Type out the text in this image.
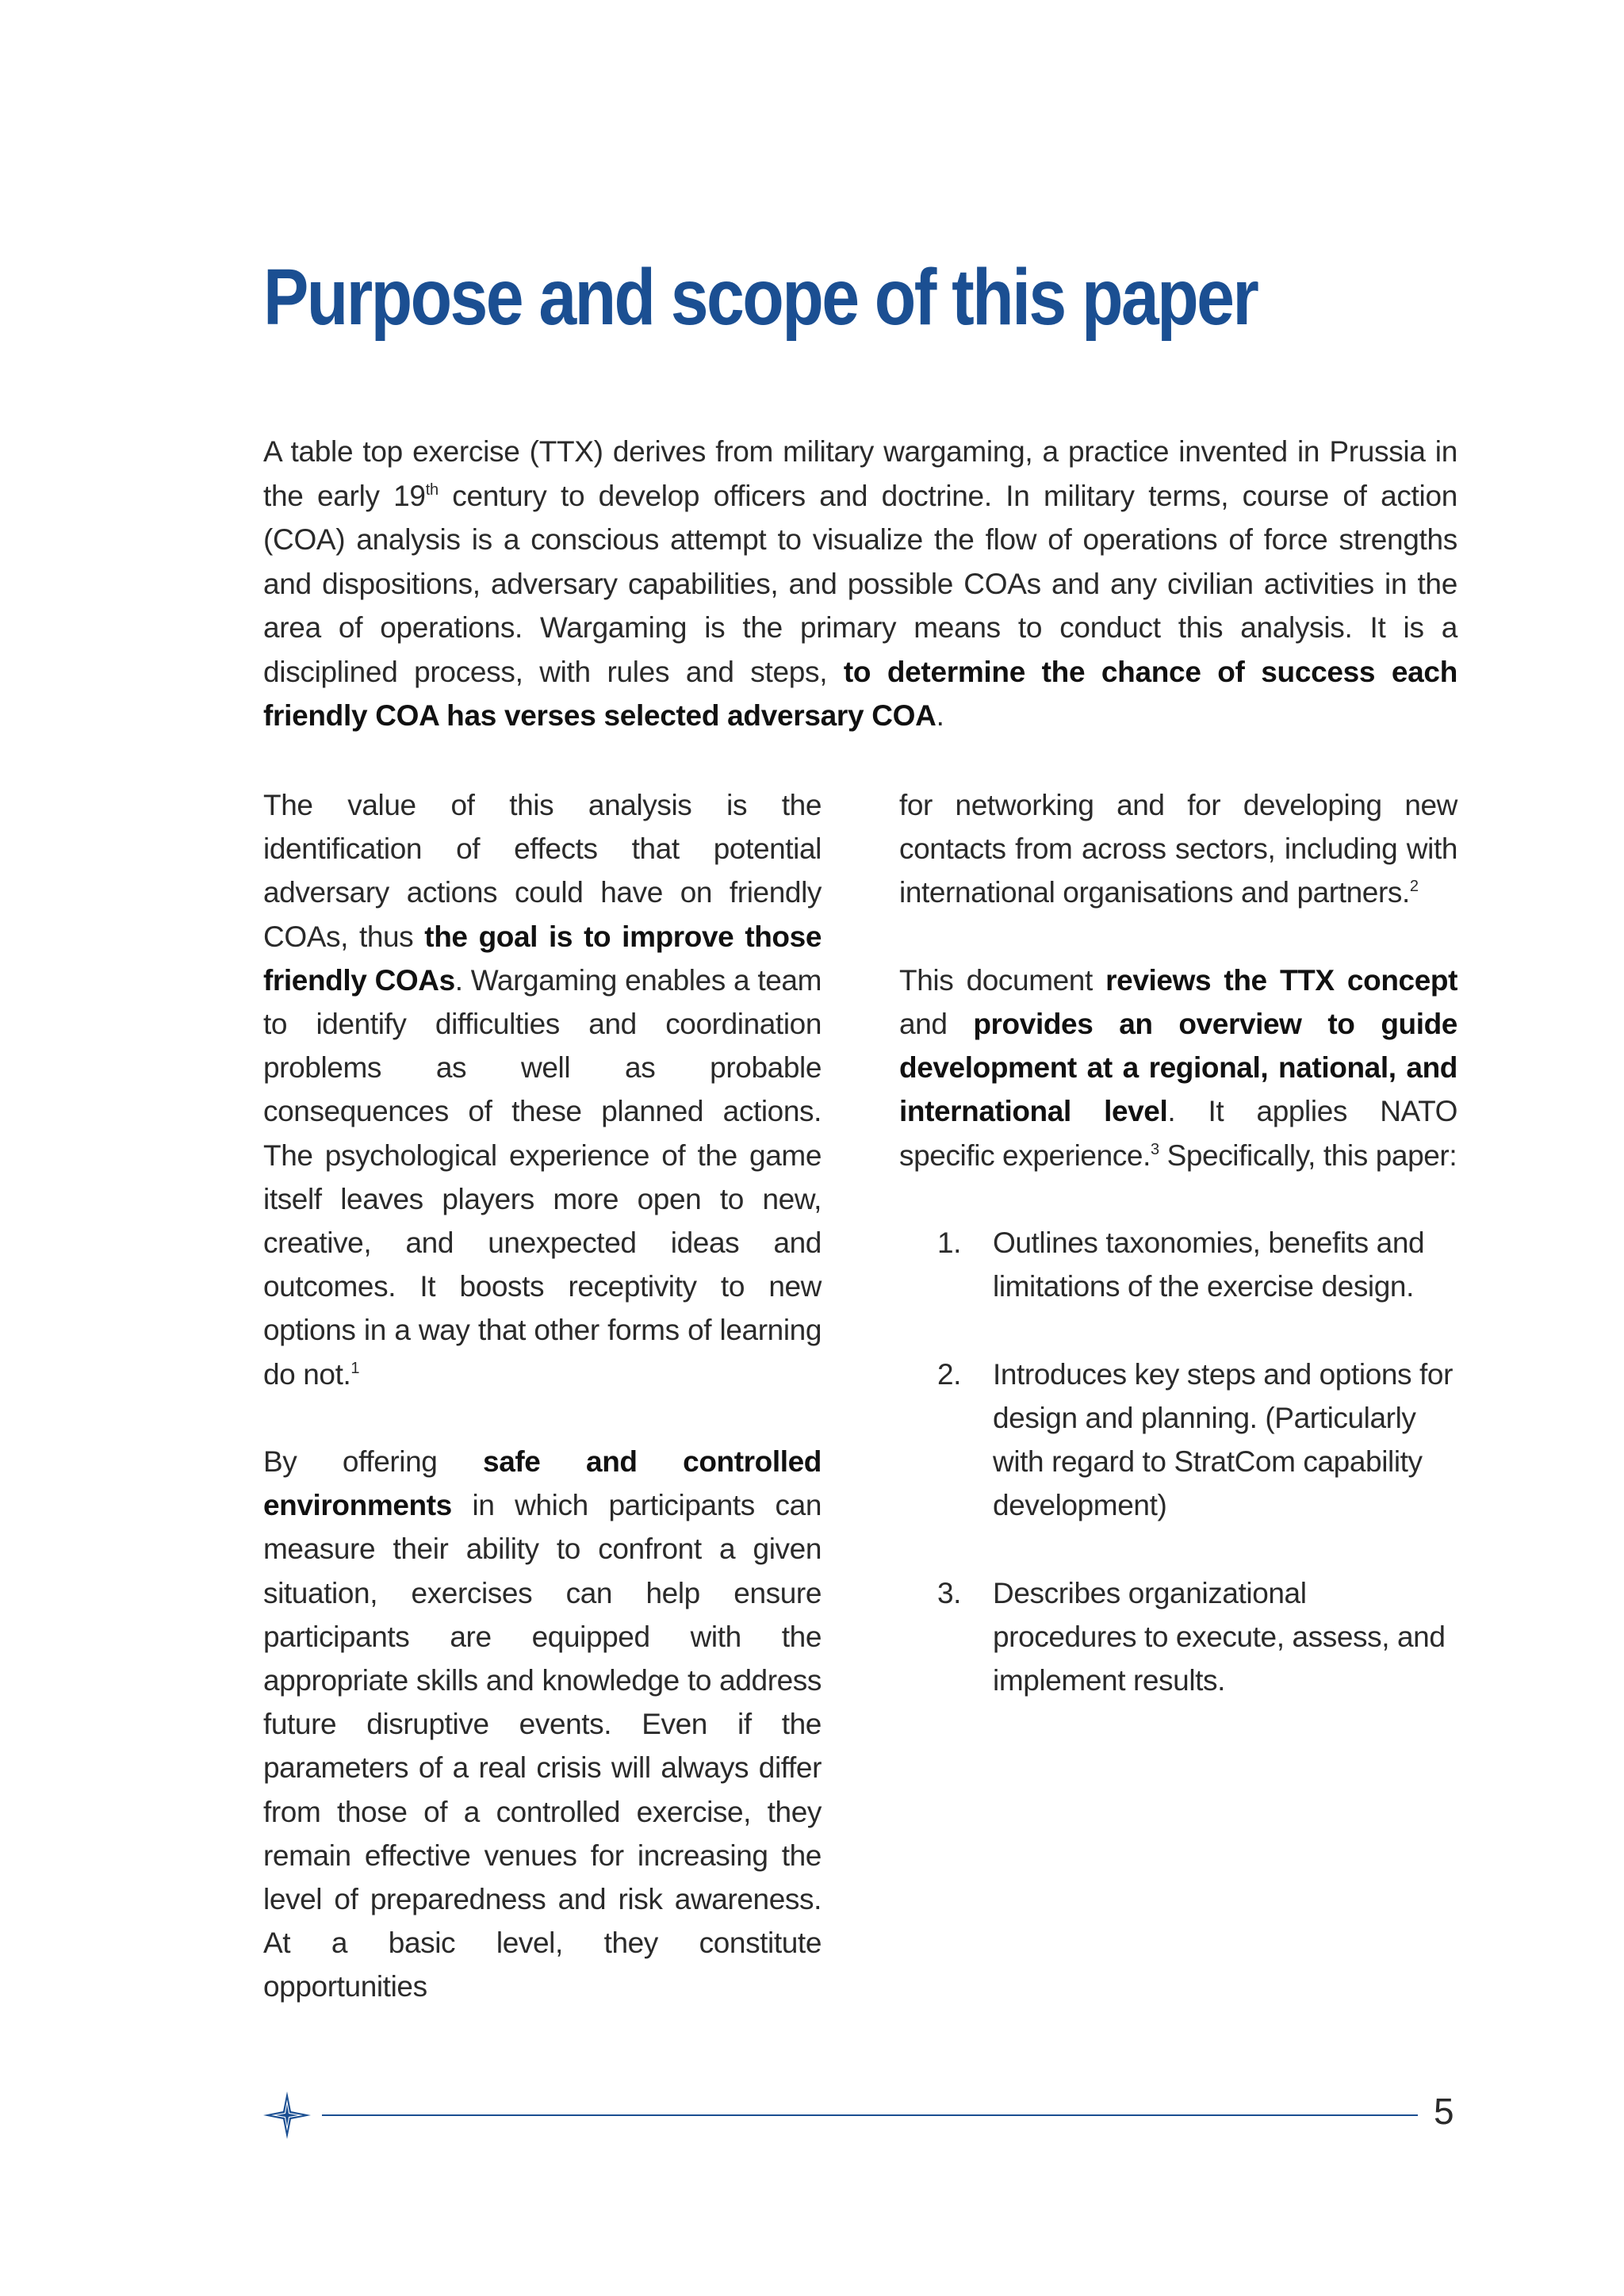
Purpose and scope of this paper

A table top exercise (TTX) derives from military wargaming, a practice invented in Prussia in the early 19th century to develop officers and doctrine. In military terms, course of action (COA) analysis is a conscious attempt to visualize the flow of operations of force strengths and dispositions, adversary capabilities, and possible COAs and any civilian activities in the area of operations. Wargaming is the primary means to conduct this analysis. It is a disciplined process, with rules and steps, to determine the chance of success each friendly COA has verses selected adversary COA.

The value of this analysis is the identification of effects that potential adversary actions could have on friendly COAs, thus the goal is to improve those friendly COAs. Wargaming enables a team to identify difficulties and coordination problems as well as probable consequences of these planned actions. The psychological experience of the game itself leaves players more open to new, creative, and unexpected ideas and outcomes. It boosts receptivity to new options in a way that other forms of learning do not.$^1$

By offering safe and controlled environments in which participants can measure their ability to confront a given situation, exercises can help ensure participants are equipped with the appropriate skills and knowledge to address future disruptive events. Even if the parameters of a real crisis will always differ from those of a controlled exercise, they remain effective venues for increasing the level of preparedness and risk awareness. At a basic level, they constitute opportunities

for networking and for developing new contacts from across sectors, including with international organisations and partners.$^2$

This document reviews the TTX concept and provides an overview to guide development at a regional, national, and international level. It applies NATO specific experience.$^3$ Specifically, this paper:

1. Outlines taxonomies, benefits and limitations of the exercise design.
2. Introduces key steps and options for design and planning. (Particularly with regard to StratCom capability development)
3. Describes organizational procedures to execute, assess, and implement results.
5
